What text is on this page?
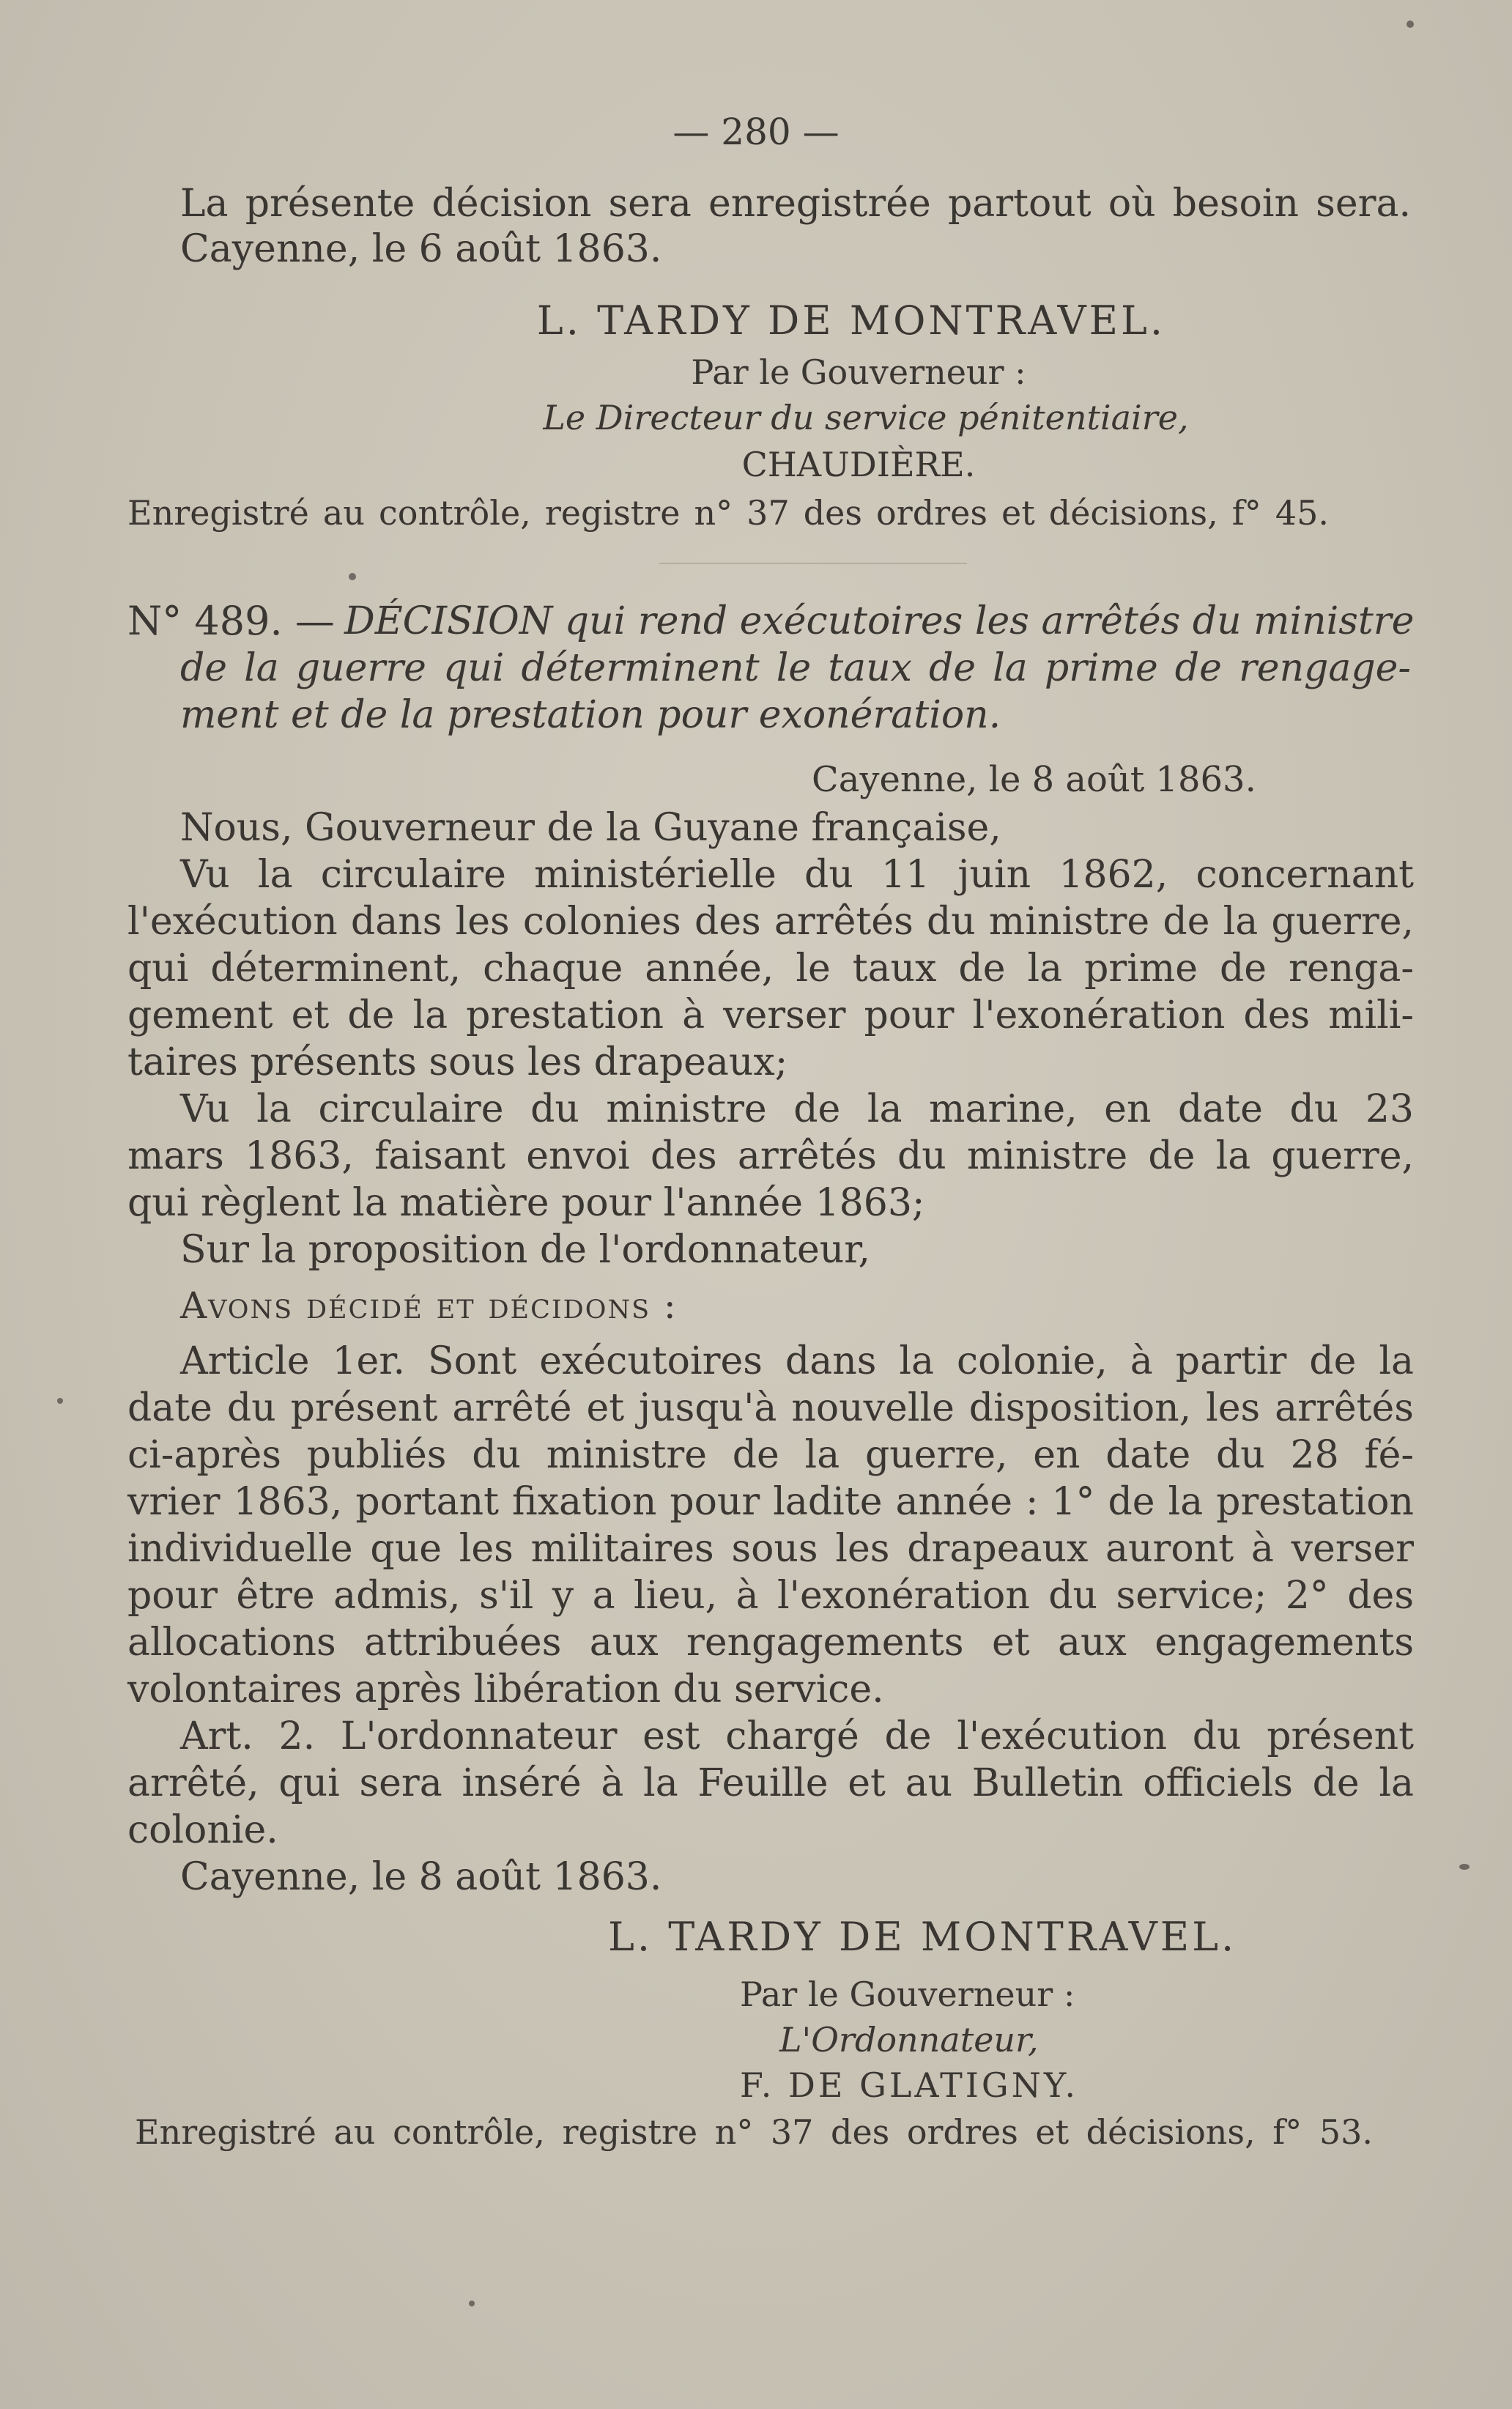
— 280 —
La présente décision sera enregistrée partout où besoin sera.
Cayenne, le 6 août 1863.
L. TARDY DE MONTRAVEL.
Par le Gouverneur :
Le Directeur du service pénitentiaire,
CHAUDIÈRE.
Enregistré au contrôle, registre n° 37 des ordres et décisions, f° 45.
N° 489. — DÉCISION qui rend exécutoires les arrêtés du ministre
de la guerre qui déterminent le taux de la prime de rengage-
ment et de la prestation pour exonération.
Cayenne, le 8 août 1863.
Nous, Gouverneur de la Guyane française,
Vu la circulaire ministérielle du 11 juin 1862, concernant
l'exécution dans les colonies des arrêtés du ministre de la guerre,
qui déterminent, chaque année, le taux de la prime de renga-
gement et de la prestation à verser pour l'exonération des mili-
taires présents sous les drapeaux;
Vu la circulaire du ministre de la marine, en date du 23
mars 1863, faisant envoi des arrêtés du ministre de la guerre,
qui règlent la matière pour l'année 1863;
Sur la proposition de l'ordonnateur,
Avons décidé et décidons :
Article 1er. Sont exécutoires dans la colonie, à partir de la
date du présent arrêté et jusqu'à nouvelle disposition, les arrêtés
ci-après publiés du ministre de la guerre, en date du 28 fé-
vrier 1863, portant fixation pour ladite année : 1° de la prestation
individuelle que les militaires sous les drapeaux auront à verser
pour être admis, s'il y a lieu, à l'exonération du service; 2° des
allocations attribuées aux rengagements et aux engagements
volontaires après libération du service.
Art. 2. L'ordonnateur est chargé de l'exécution du présent
arrêté, qui sera inséré à la Feuille et au Bulletin officiels de la
colonie.
Cayenne, le 8 août 1863.
L. TARDY DE MONTRAVEL.
Par le Gouverneur :
L'Ordonnateur,
F. DE GLATIGNY.
Enregistré au contrôle, registre n° 37 des ordres et décisions, f° 53.
